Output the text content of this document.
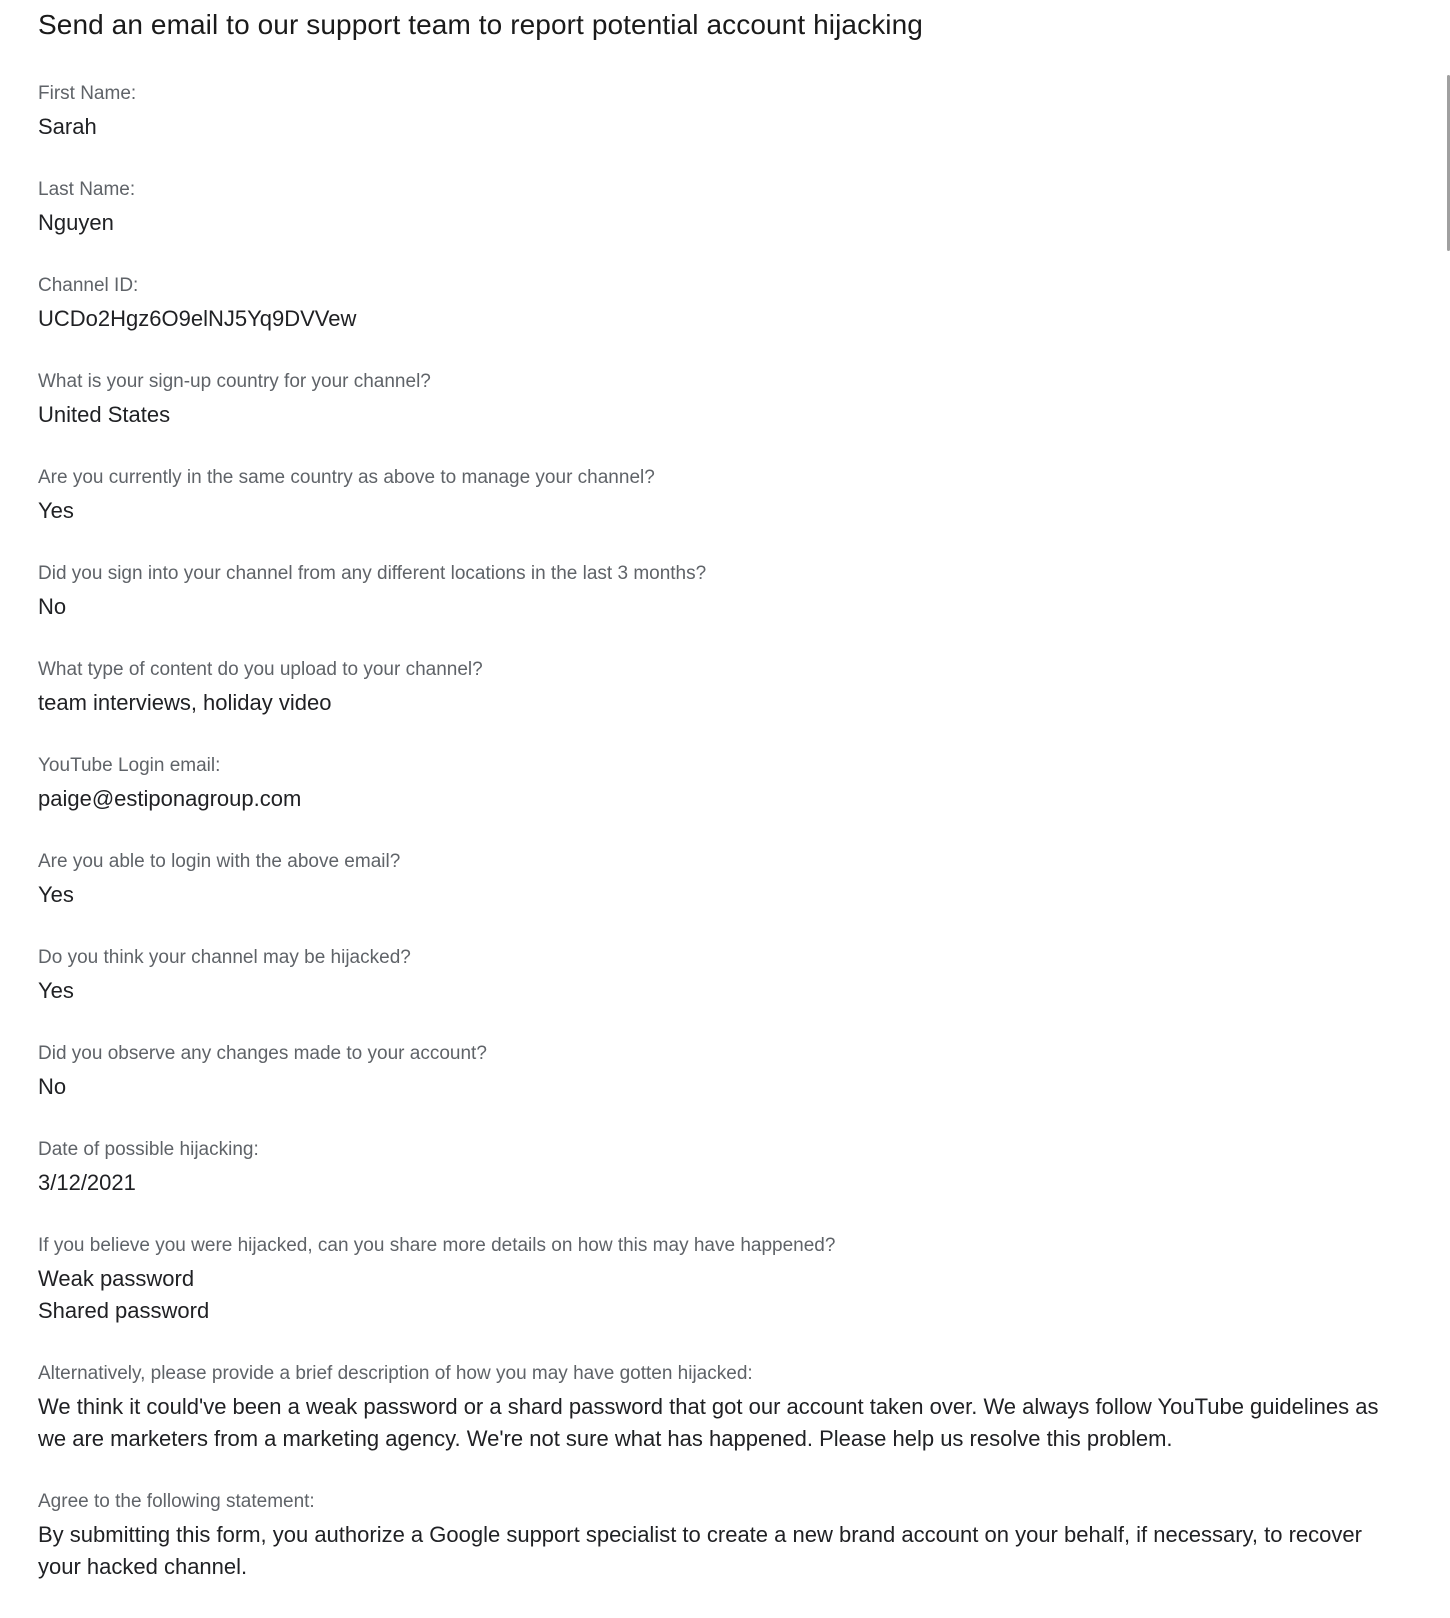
Send an email to our support team to report potential account hijacking
First Name:
Sarah
Last Name:
Nguyen
Channel ID:
UCDo2Hgz6O9elNJ5Yq9DVVew
What is your sign-up country for your channel?
United States
Are you currently in the same country as above to manage your channel?
Yes
Did you sign into your channel from any different locations in the last 3 months?
No
What type of content do you upload to your channel?
team interviews, holiday video
YouTube Login email:
paige@estiponagroup.com
Are you able to login with the above email?
Yes
Do you think your channel may be hijacked?
Yes
Did you observe any changes made to your account?
No
Date of possible hijacking:
3/12/2021
If you believe you were hijacked, can you share more details on how this may have happened?
Weak password
Shared password
Alternatively, please provide a brief description of how you may have gotten hijacked:
We think it could've been a weak password or a shard password that got our account taken over. We always follow YouTube guidelines as we are marketers from a marketing agency. We're not sure what has happened. Please help us resolve this problem.
Agree to the following statement:
By submitting this form, you authorize a Google support specialist to create a new brand account on your behalf, if necessary, to recover your hacked channel.
